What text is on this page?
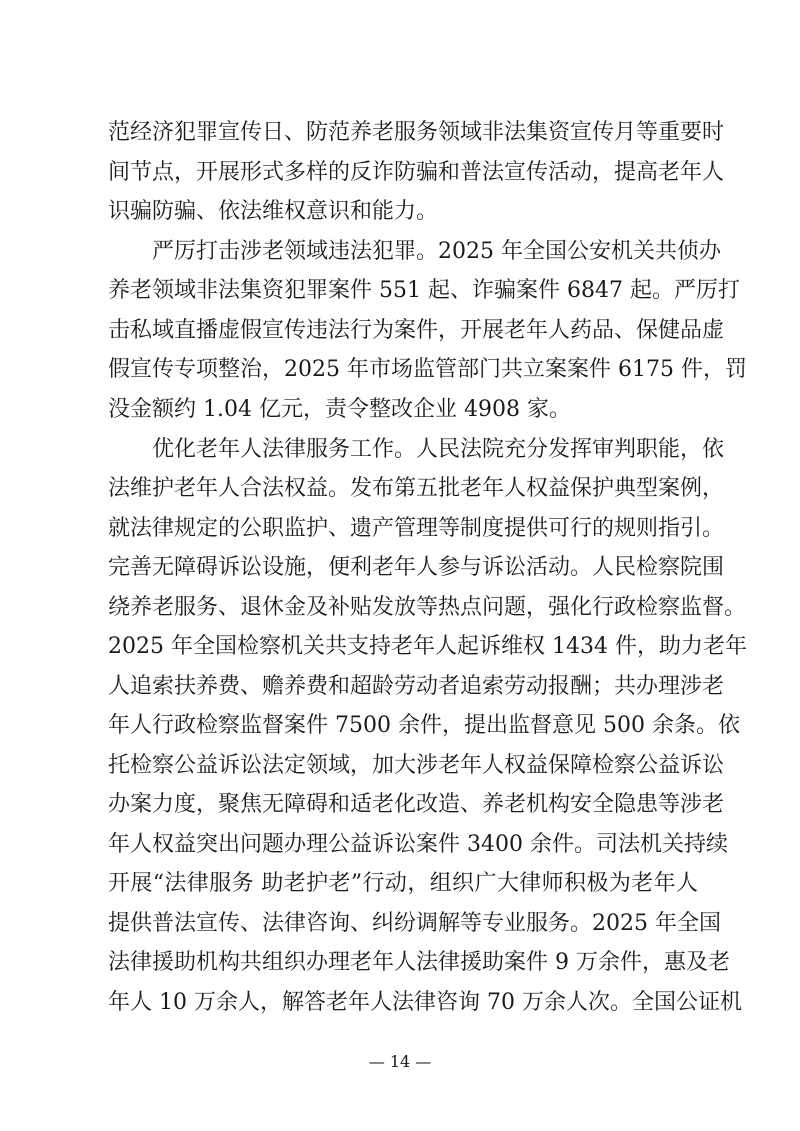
范经济犯罪宣传日、防范养老服务领域非法集资宣传月等重要时
间节点，开展形式多样的反诈防骗和普法宣传活动，提高老年人
识骗防骗、依法维权意识和能力。
　　严厉打击涉老领域违法犯罪。2025 年全国公安机关共侦办
养老领域非法集资犯罪案件 551 起、诈骗案件 6847 起。严厉打
击私域直播虚假宣传违法行为案件，开展老年人药品、保健品虚
假宣传专项整治，2025 年市场监管部门共立案案件 6175 件，罚
没金额约 1.04 亿元，责令整改企业 4908 家。
　　优化老年人法律服务工作。人民法院充分发挥审判职能，依
法维护老年人合法权益。发布第五批老年人权益保护典型案例，
就法律规定的公职监护、遗产管理等制度提供可行的规则指引。
完善无障碍诉讼设施，便利老年人参与诉讼活动。人民检察院围
绕养老服务、退休金及补贴发放等热点问题，强化行政检察监督。
2025 年全国检察机关共支持老年人起诉维权 1434 件，助力老年
人追索扶养费、赡养费和超龄劳动者追索劳动报酬；共办理涉老
年人行政检察监督案件 7500 余件，提出监督意见 500 余条。依
托检察公益诉讼法定领域，加大涉老年人权益保障检察公益诉讼
办案力度，聚焦无障碍和适老化改造、养老机构安全隐患等涉老
年人权益突出问题办理公益诉讼案件 3400 余件。司法机关持续
开展“法律服务 助老护老”行动，组织广大律师积极为老年人
提供普法宣传、法律咨询、纠纷调解等专业服务。2025 年全国
法律援助机构共组织办理老年人法律援助案件 9 万余件，惠及老
年人 10 万余人，解答老年人法律咨询 70 万余人次。全国公证机
— 14 —
